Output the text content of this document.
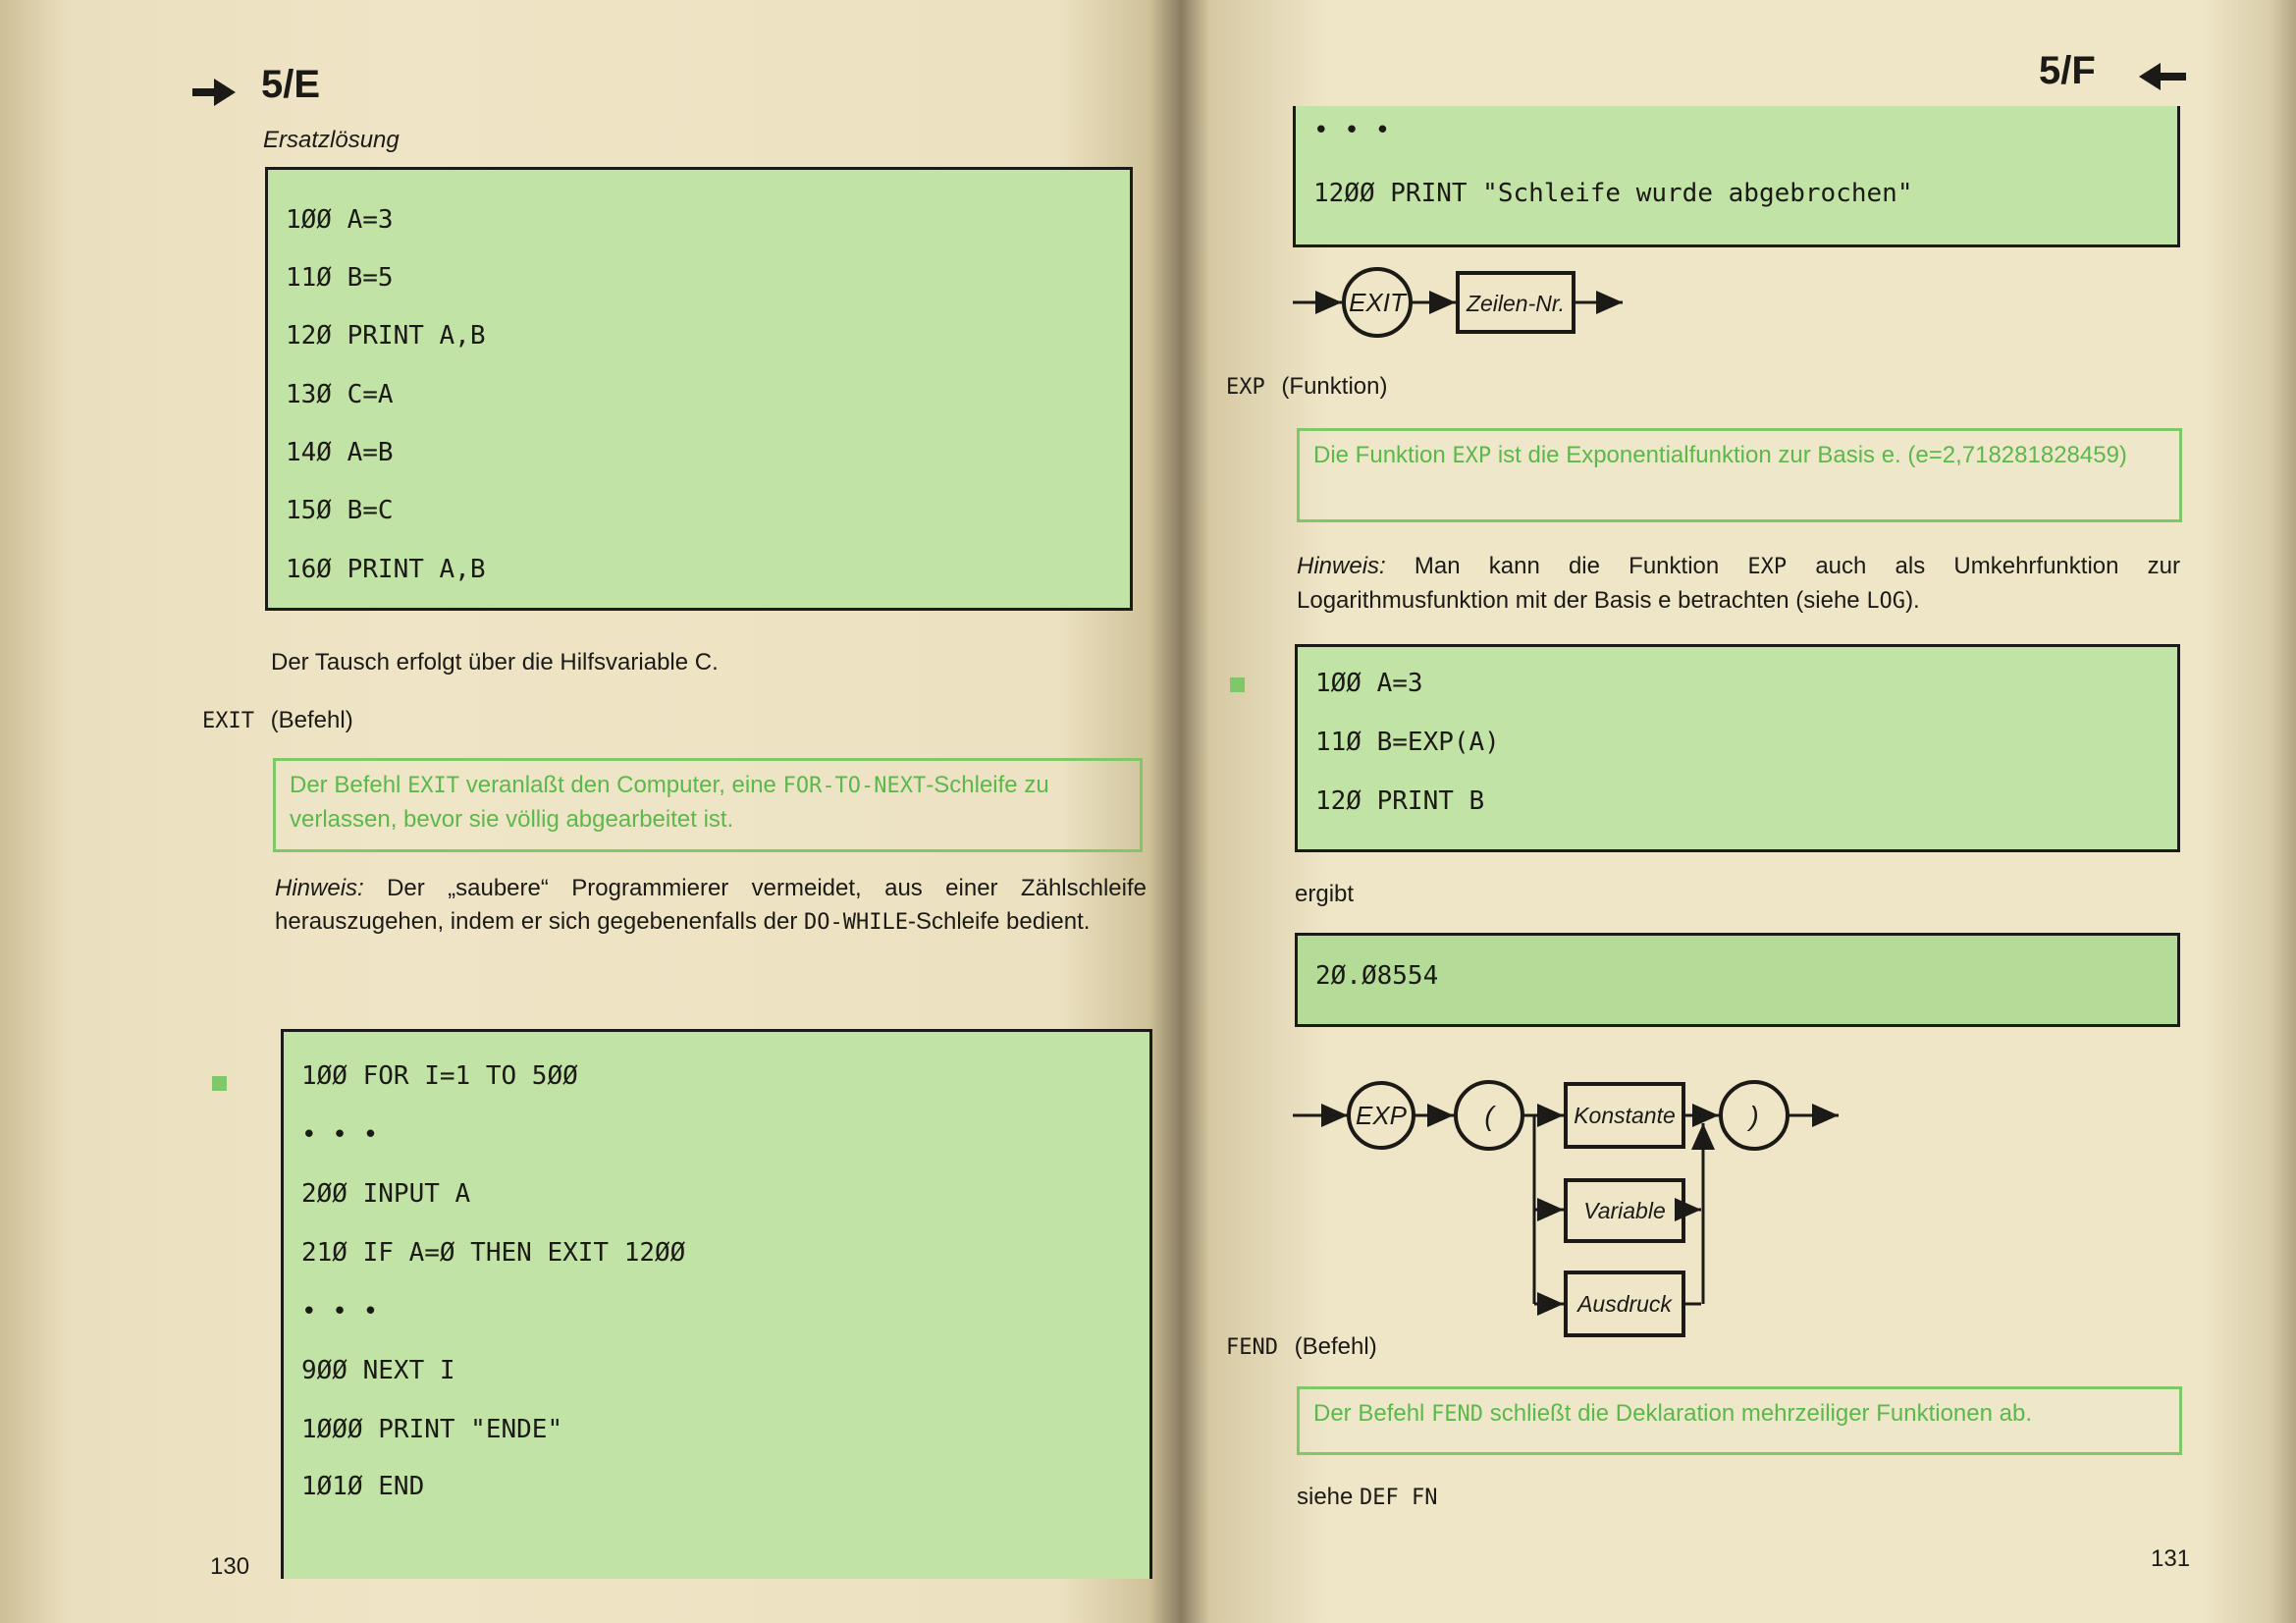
5/E
Ersatzlösung
1ØØ A=3
11Ø B=5
12Ø PRINT A,B
13Ø C=A
14Ø A=B
15Ø B=C
16Ø PRINT A,B
Der Tausch erfolgt über die Hilfsvariable C.
EXIT (Befehl)
Der Befehl EXIT veranlaßt den Computer, eine FOR-TO-NEXT-Schleife zu verlassen, bevor sie völlig abgearbeitet ist.
Hinweis: Der „saubere“ Programmierer vermeidet, aus einer Zählschleife herauszugehen, indem er sich gegebenenfalls der DO-WHILE-Schleife bedient.
1ØØ FOR I=1 TO 5ØØ
• • •
2ØØ INPUT A
21Ø IF A=Ø THEN EXIT 12ØØ
• • •
9ØØ NEXT I
1ØØØ PRINT "ENDE"
1Ø1Ø END
130
5/F
• • •
12ØØ PRINT "Schleife wurde abgebrochen"
EXIT	Zeilen-Nr.
EXP (Funktion)
Die Funktion EXP ist die Exponentialfunktion zur Basis e. (e=2,718281828459)
Hinweis: Man kann die Funktion EXP auch als Umkehrfunktion zur Logarithmusfunktion mit der Basis e betrachten (siehe LOG).
1ØØ A=3
11Ø B=EXP(A)
12Ø PRINT B
ergibt
2Ø.Ø8554
EXP	(	Konstante
Variable
Ausdruck
)
FEND (Befehl)
Der Befehl FEND schließt die Deklaration mehrzeiliger Funktionen ab.
siehe DEF FN
131
